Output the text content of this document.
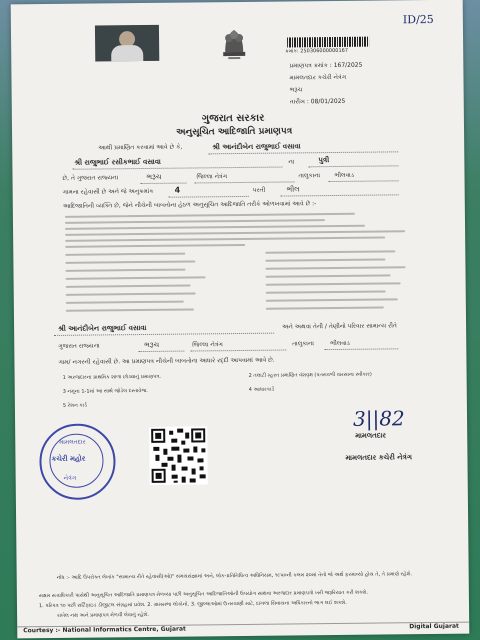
ID/25
ક્રમાંક: 250306000000167
પ્રમાણપત્ર ક્રમાંક : 167/2025
મામલતદાર કચેરી નેત્રંગ
ભરૂચ
તારીખ : 08/01/2025
ગુજરાત સરકાર
અનુસૂચિત આદિજાતિ પ્રમાણપત્ર
આથી પ્રમાણિત કરવામાં આવે છે કે,	શ્રી આનંદીબેન રાજુભાઈ વસાવા
શ્રી રાજુભાઈ રસીકભાઈ વસાવા	ના	પુત્રી
છે, તે ગુજરાત રાજ્યના	ભરૂચ	જિલ્લા નેત્રંગ	તાલુકાના ભીલવાડ
ગામના રહેવાસી છે અને જે અનુક્રમાંક	4	પરતી	ભીલ
આદિજાતિની વ્યક્તિ છે, જેને નીચેની બાબતોના હેઠળ અનુસૂચિત આદિજાતિ તરીકે ઓળખવામાં આવે છે :-
શ્રી આનંદીબેન રાજુભાઈ વસાવા	અને અથવા તેની / તેણીનો પરિવાર સામાન્ય રીતે
ગુજરાત રાજ્યના	ભરૂચ	જિલ્લા નેત્રંગ	તાલુકાના	ભીલવાડ
ગામ/ નગરની રહેવાસી છે. આ પ્રમાણપત્ર નીચેની બાબતોના આધારે રદ્દી આપવામાં આવે છે.
1 અરજદારના પ્રાથમિક શાળા છોડ્યાનું પ્રમાણપત્ર.	2 તલાટી મ્હસ્ત પ્રમાણિત વંશવૃક્ષ (પતરાવળી વારસાના સ્વીકાર)
3 નમૂના 1-1માં આ સાથે જોડેલ દસ્તાવેજ.	4 આધારકાર્ડ
5 રેશન કાર્ડ
મામલતદાર
કચેરી મહોર
નેત્રંગ
3||82
મામલતદાર
મામલતદાર કચેરી નેત્રંગ
નોંધ :- આદિ ઉપરોક્ત લેખાંક "સામાન્ય રીતે રહેવાસી(ઓ)" સમયસંજ્ઞામાં અને, લોક-પ્રતિનિધિત્વ અધિનિયમ, ૧૯૫૦ની કલમ ૨૦માં તેનો જે અર્થ ફરમાવ્યો હોય તે, તે પ્રમાણે રહેશે.
સક્ષમ સત્તાધિકારી પાસેથી અનુસૂચિત આદિજાતિ પ્રમાણપત્ર મેળવ્યા પછી અનુસૂચિત આદિજાતિઓની ઉપયોગ સાથવા અરજદાર પ્રમાણપત્રો ખરી જરૂરિયાત કરી શકશે.
1. પરિપત્ર ૧૦ પછી સર્ટિફાઇડ ડીજીટલ સંગ્રહમાં પ્રવેશ. 2. ગ્રામસભા લોકોનો. 3. જીલ્લાઓમાં ઉત્તરવાણી માટે, દાખલા સિવાયના અધિકારનો ભાગ લઈ શકશે.
રાખેલ નથ અને પ્રમાણપત્ર મેળવી લેવાનું રહેશે.
Courtesy :- National Informatics Centre, Gujarat	Digital Gujarat
